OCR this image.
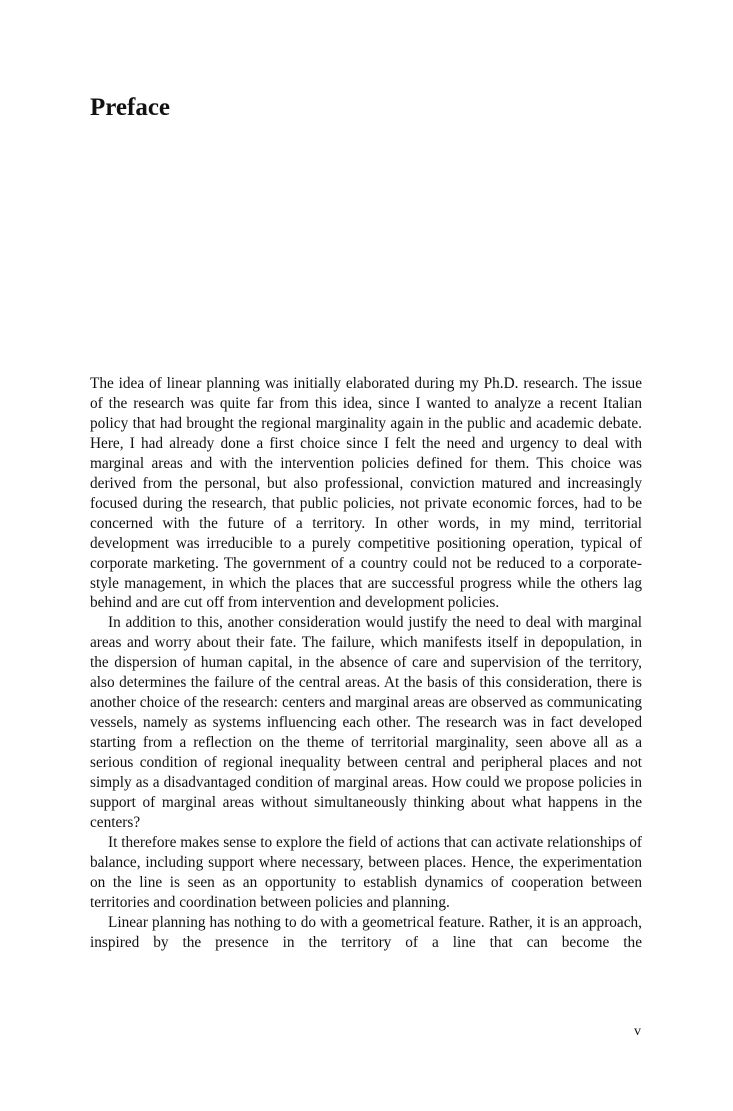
Preface

The idea of linear planning was initially elaborated during my Ph.D. research. The issue of the research was quite far from this idea, since I wanted to analyze a recent Italian policy that had brought the regional marginality again in the public and academic debate. Here, I had already done a first choice since I felt the need and urgency to deal with marginal areas and with the intervention policies defined for them. This choice was derived from the personal, but also professional, conviction matured and increasingly focused during the research, that public policies, not private economic forces, had to be concerned with the future of a territory. In other words, in my mind, territorial development was irreducible to a purely competitive positioning operation, typical of corporate marketing. The government of a country could not be reduced to a corporate-style management, in which the places that are successful progress while the others lag behind and are cut off from intervention and development policies.

In addition to this, another consideration would justify the need to deal with marginal areas and worry about their fate. The failure, which manifests itself in depopulation, in the dispersion of human capital, in the absence of care and supervision of the territory, also determines the failure of the central areas. At the basis of this consideration, there is another choice of the research: centers and marginal areas are observed as communicating vessels, namely as systems influencing each other. The research was in fact developed starting from a reflection on the theme of territorial marginality, seen above all as a serious condition of regional inequality between central and peripheral places and not simply as a disadvantaged condition of marginal areas. How could we propose policies in support of marginal areas without simultaneously thinking about what happens in the centers?

It therefore makes sense to explore the field of actions that can activate relationships of balance, including support where necessary, between places. Hence, the experimentation on the line is seen as an opportunity to establish dynamics of cooperation between territories and coordination between policies and planning.

Linear planning has nothing to do with a geometrical feature. Rather, it is an approach, inspired by the presence in the territory of a line that can become the

v
